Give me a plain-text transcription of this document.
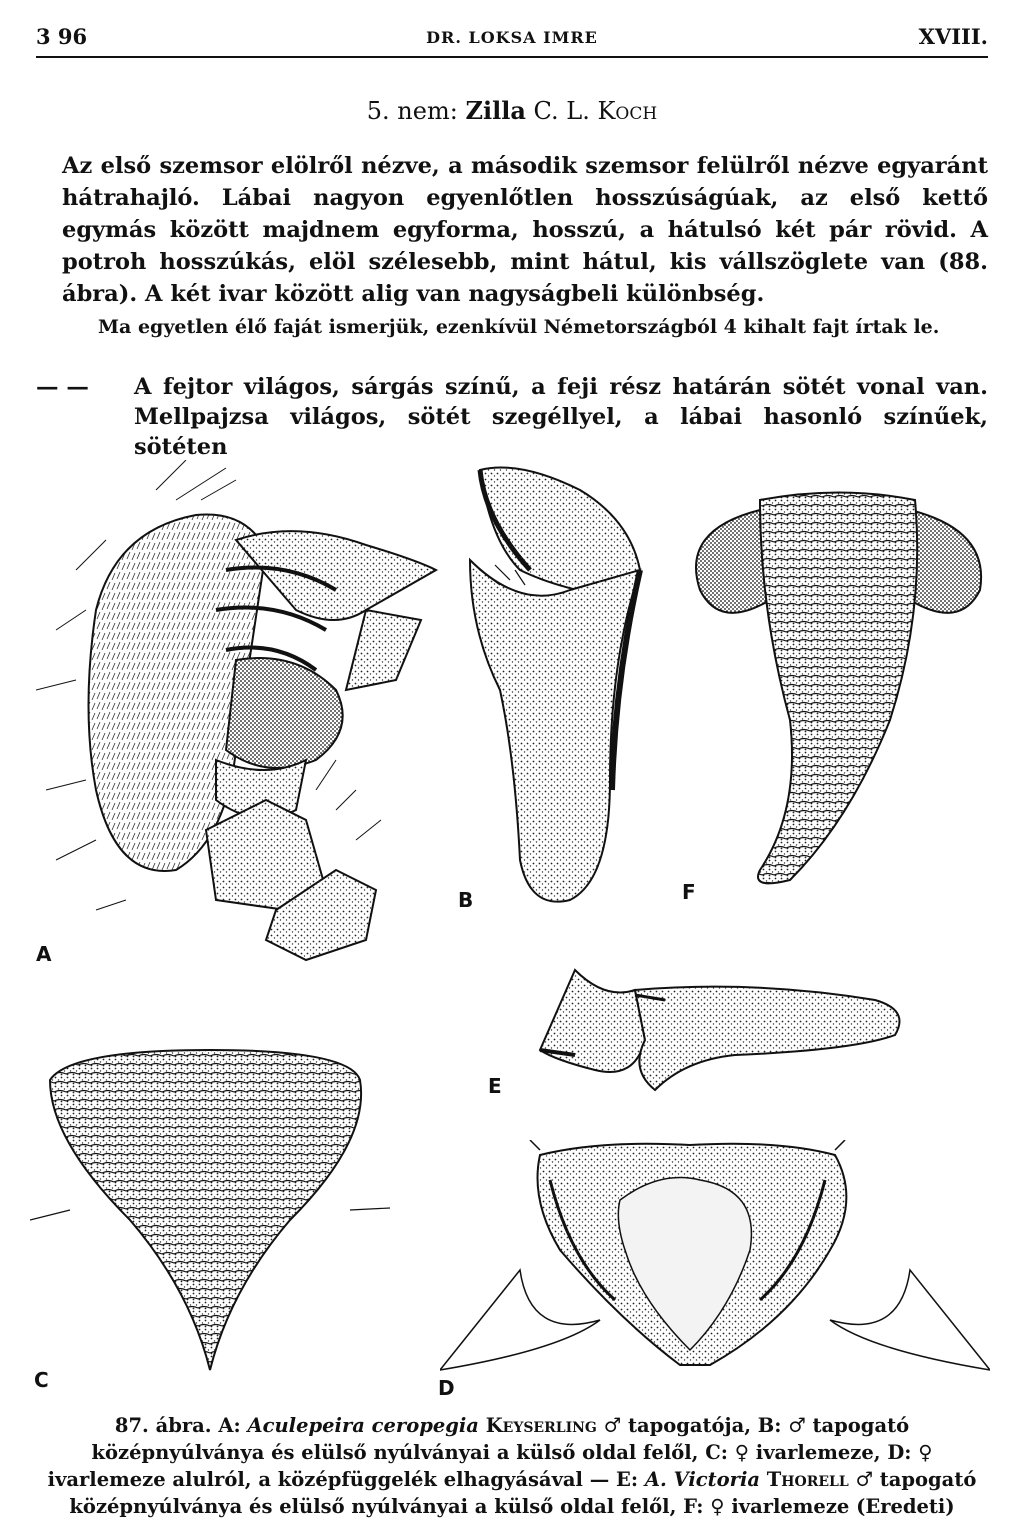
3 96	DR. LOKSA IMRE	XVIII.
5. nem: Zilla C. L. Koch
Az első szemsor elölről nézve, a második szemsor felülről nézve egyaránt hátrahajló. Lábai nagyon egyenlőtlen hosszúságúak, az első kettő egymás között majdnem egyforma, hosszú, a hátulsó két pár rövid. A potroh hosszúkás, elöl szélesebb, mint hátul, kis vállszöglete van (88. ábra). A két ivar között alig van nagyságbeli különbség.
Ma egyetlen élő faját ismerjük, ezenkívül Németországból 4 kihalt fajt írtak le.
— — A fejtor világos, sárgás színű, a feji rész határán sötét vonal van. Mellpajzsa világos, sötét szegéllyel, a lábai hasonló színűek, sötéten
A
B	F
E
C	D
87. ábra. A: Aculepeira ceropegia Keyserling ♂ tapogatója, B: ♂ tapogató középnyúlványa és elülső nyúlványai a külső oldal felől, C: ♀ ivarlemeze, D: ♀ ivarlemeze alulról, a középfüggelék elhagyásával — E: A. Victoria Thorell ♂ tapogató középnyúlványa és elülső nyúlványai a külső oldal felől, F: ♀ ivarlemeze (Eredeti)
